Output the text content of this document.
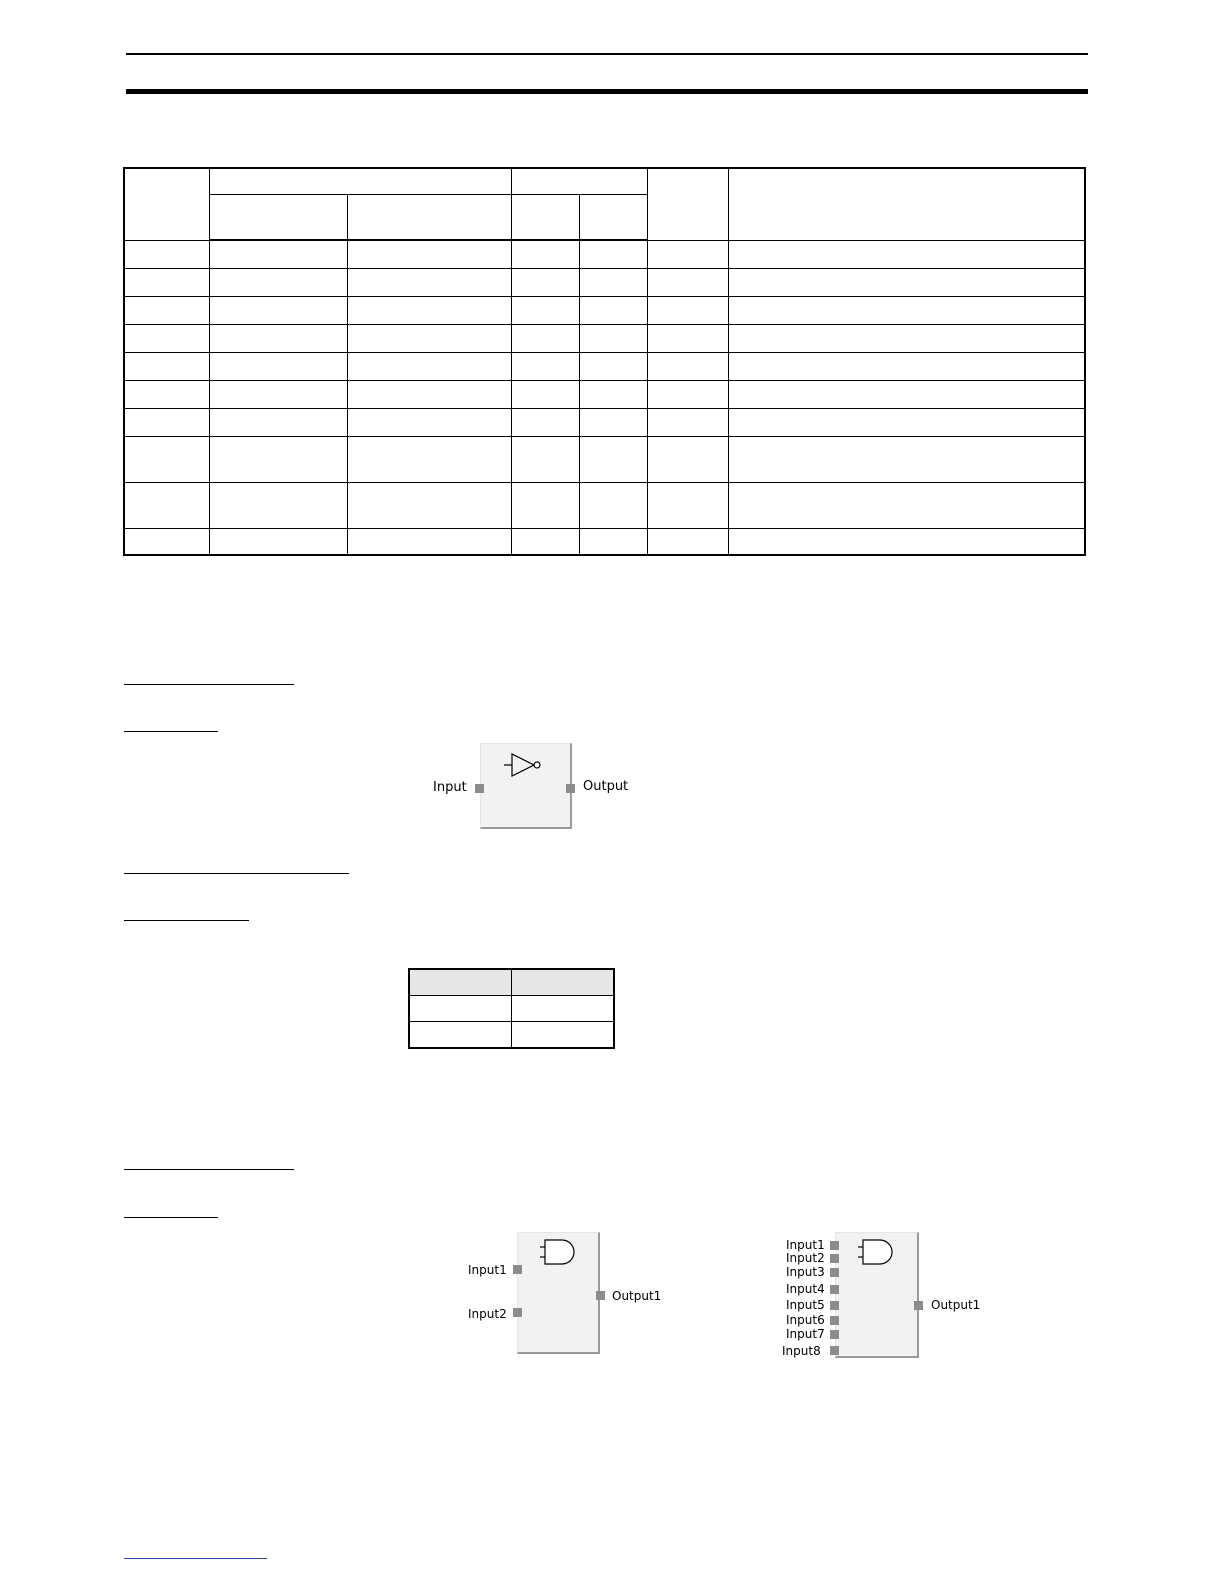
Input	Output

Input1
Input2
Output1
Input1
Input2
Input3
Input4
Input5
Input6
Input7
Input8
Output1
